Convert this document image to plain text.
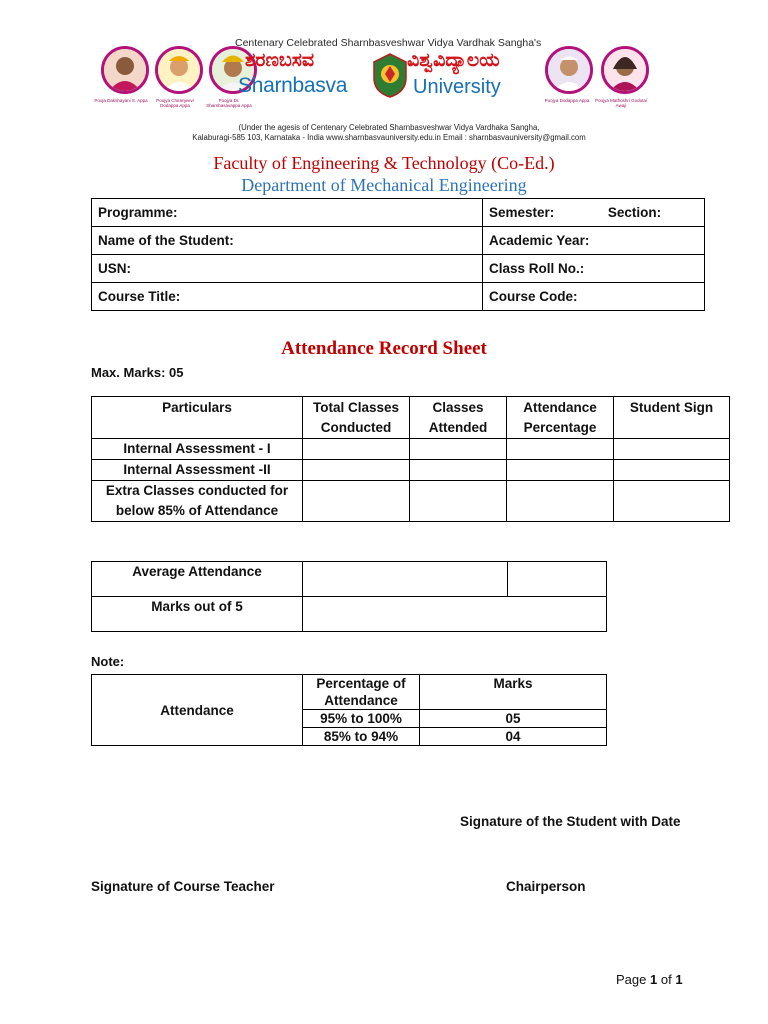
Pooja Dakshayani S. Appa	Poojya Chiranjeevi Dodappa Appa
Poojya Dr. Sharnbasavappa Appa
Centenary Celebrated Sharnbasveshwar Vidya Vardhak Sangha's
ಶರಣಬಸವ	ವಿಶ್ವವಿದ್ಯಾಲಯ
Sharnbasva	University
Poojya Dodappa Appa	Poojya Mathoshri Godutai Awaji
(Under the agesis of Centenary Celebrated Sharnbasveshwar Vidya Vardhaka Sangha,
Kalaburagi-585 103, Karnataka - India www.sharnbasvauniversity.edu.in Email : sharnbasvauniversity@gmail.com
Faculty of Engineering & Technology (Co-Ed.)
Department of Mechanical Engineering
Programme:	Semester: Section:
Name of the Student:	Academic Year:
USN:	Class Roll No.:
Course Title:	Course Code:
Attendance Record Sheet
Max. Marks: 05
Particulars	Total Classes Conducted	Classes Attended	Attendance Percentage	Student Sign
Internal Assessment - I				
Internal Assessment -II				
Extra Classes conducted for below 85% of Attendance				
Average Attendance		
Marks out of 5		
Note:
Attendance	Percentage of Attendance	Marks
	95% to 100%	05
	85% to 94%	04
Signature of the Student with Date
Signature of Course Teacher	Chairperson
Page 1 of 1
